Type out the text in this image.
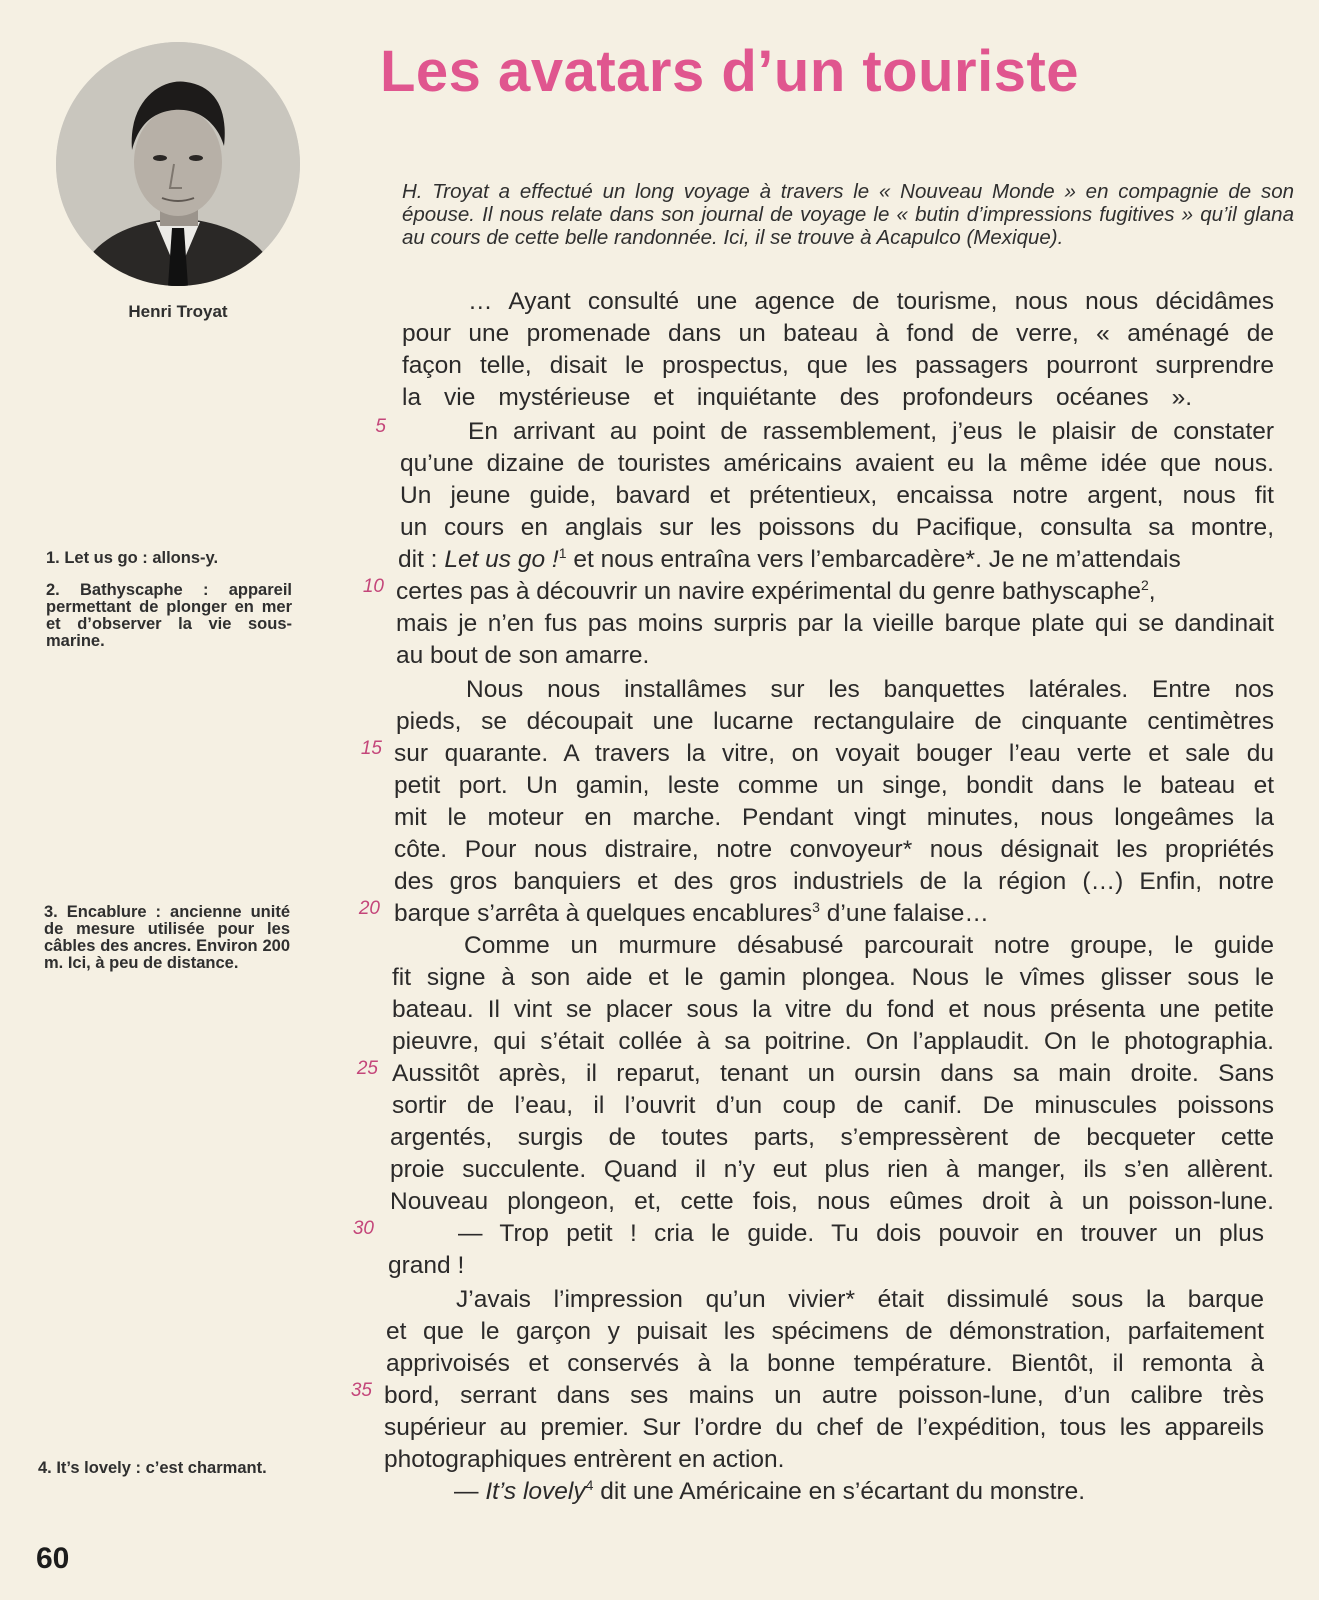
Henri Troyat
Les avatars d’un touriste
H. Troyat a effectué un long voyage à travers le « Nouveau Monde » en compagnie de son épouse. Il nous relate dans son journal de voyage le « butin d’impressions fugitives » qu’il glana au cours de cette belle randonnée. Ici, il se trouve à Acapulco (Mexique).
… Ayant consulté une agence de tourisme, nous nous décidâmes
pour une promenade dans un bateau à fond de verre, « aménagé de
façon telle, disait le prospectus, que les passagers pourront surprendre
la vie mystérieuse et inquiétante des profondeurs océanes ».
En arrivant au point de rassemblement, j’eus le plaisir de constater
qu’une dizaine de touristes américains avaient eu la même idée que nous.
Un jeune guide, bavard et prétentieux, encaissa notre argent, nous fit
un cours en anglais sur les poissons du Pacifique, consulta sa montre,
dit : Let us go !$^1$ et nous entraîna vers l’embarcadère*. Je ne m’attendais
certes pas à découvrir un navire expérimental du genre bathyscaphe$^2$,
mais je n’en fus pas moins surpris par la vieille barque plate qui se dandinait
au bout de son amarre.
Nous nous installâmes sur les banquettes latérales. Entre nos
pieds, se découpait une lucarne rectangulaire de cinquante centimètres
sur quarante. A travers la vitre, on voyait bouger l’eau verte et sale du
petit port. Un gamin, leste comme un singe, bondit dans le bateau et
mit le moteur en marche. Pendant vingt minutes, nous longeâmes la
côte. Pour nous distraire, notre convoyeur* nous désignait les propriétés
des gros banquiers et des gros industriels de la région (…) Enfin, notre
barque s’arrêta à quelques encablures$^3$ d’une falaise…
Comme un murmure désabusé parcourait notre groupe, le guide
fit signe à son aide et le gamin plongea. Nous le vîmes glisser sous le
bateau. Il vint se placer sous la vitre du fond et nous présenta une petite
pieuvre, qui s’était collée à sa poitrine. On l’applaudit. On le photographia.
Aussitôt après, il reparut, tenant un oursin dans sa main droite. Sans
sortir de l’eau, il l’ouvrit d’un coup de canif. De minuscules poissons
argentés, surgis de toutes parts, s’empressèrent de becqueter cette
proie succulente. Quand il n’y eut plus rien à manger, ils s’en allèrent.
Nouveau plongeon, et, cette fois, nous eûmes droit à un poisson-lune.
— Trop petit ! cria le guide. Tu dois pouvoir en trouver un plus
grand !
J’avais l’impression qu’un vivier* était dissimulé sous la barque
et que le garçon y puisait les spécimens de démonstration, parfaitement
apprivoisés et conservés à la bonne température. Bientôt, il remonta à
bord, serrant dans ses mains un autre poisson-lune, d’un calibre très
supérieur au premier. Sur l’ordre du chef de l’expédition, tous les appareils
photographiques entrèrent en action.
— It’s lovely$^4$ dit une Américaine en s’écartant du monstre.
5
10
15
20
25
30
35
1. Let us go : allons-y.
2. Bathyscaphe : appareil permettant de plonger en mer et d’observer la vie sous-marine.
3. Encablure : ancienne unité de mesure utilisée pour les câbles des ancres. Environ 200 m. Ici, à peu de distance.
4. It’s lovely : c’est charmant.
60
